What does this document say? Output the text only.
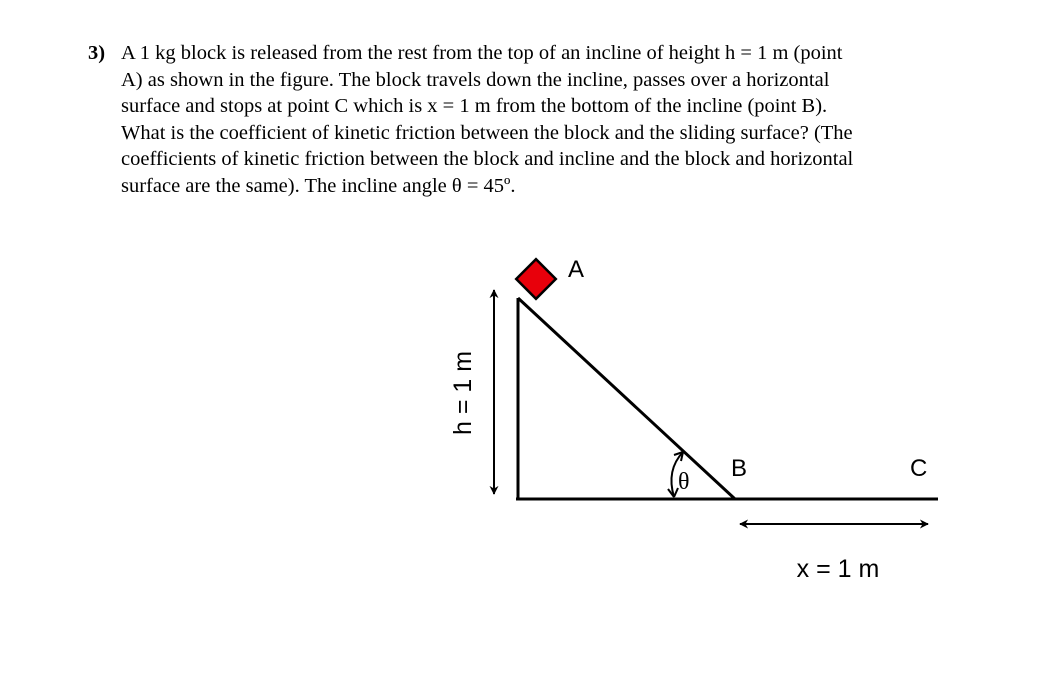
3) A 1 kg block is released from the rest from the top of an incline of height h = 1 m (point
A) as shown in the figure. The block travels down the incline, passes over a horizontal
surface and stops at point C which is x = 1 m from the bottom of the incline (point B).
What is the coefficient of kinetic friction between the block and the sliding surface? (The
coefficients of kinetic friction between the block and incline and the block and horizontal
surface are the same). The incline angle θ = 45º.
A
B	C
θ
h = 1 m
x = 1 m
